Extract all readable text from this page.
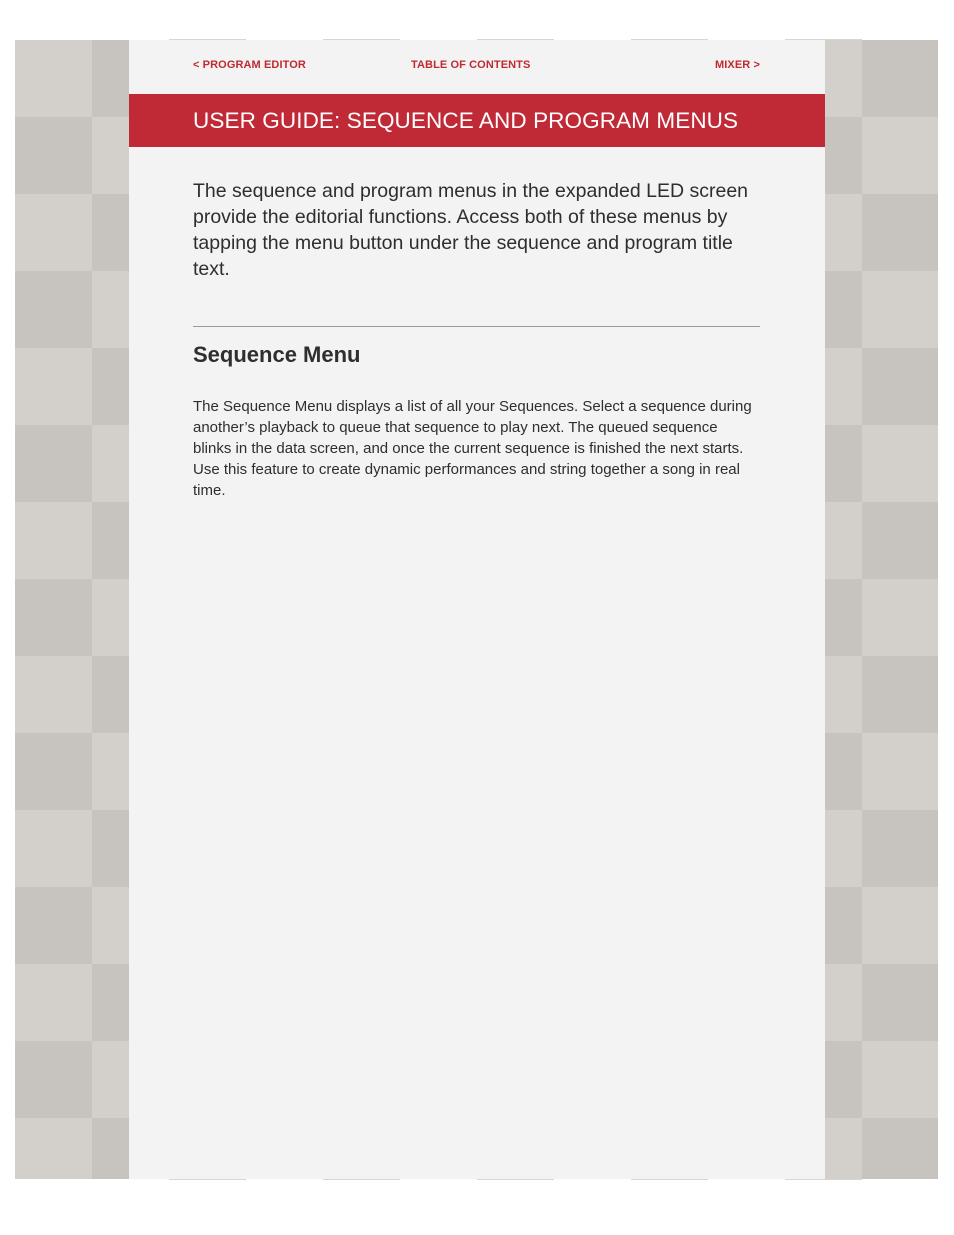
< PROGRAM EDITOR	TABLE OF CONTENTS	MIXER >
USER GUIDE: SEQUENCE AND PROGRAM MENUS

The sequence and program menus in the expanded LED screen provide the editorial functions. Access both of these menus by tapping the menu button under the sequence and program title text.

Sequence Menu

The Sequence Menu displays a list of all your Sequences. Select a sequence during another’s playback to queue that sequence to play next. The queued sequence blinks in the data screen, and once the current sequence is finished the next starts. Use this feature to create dynamic performances and string together a song in real time.
